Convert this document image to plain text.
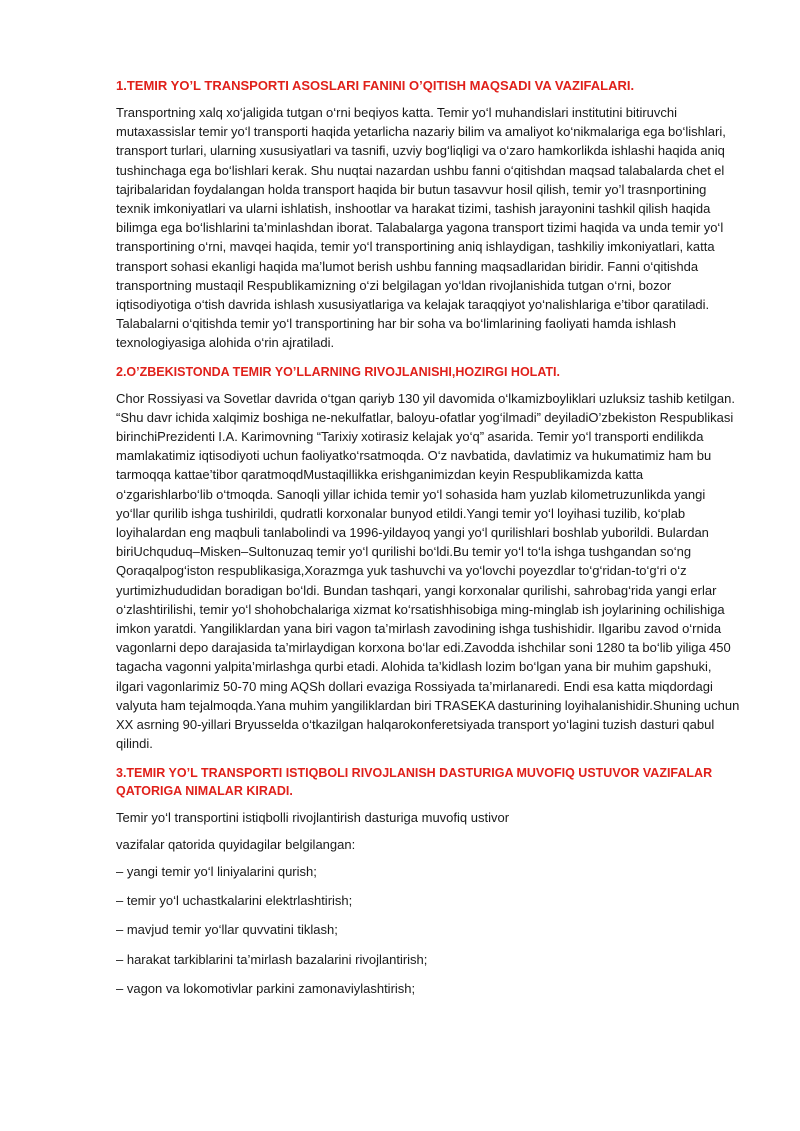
1.TEMIR YO’L TRANSPORTI ASOSLARI FANINI O’QITISH MAQSADI VA VAZIFALARI.

Transportning xalq xo‘jaligida tutgan o‘rni beqiyos katta. Temir yo‘l muhandislari institutini bitiruvchi mutaxassislar temir yo‘l transporti haqida yetarlicha nazariy bilim va amaliyot ko‘nikmalariga ega bo‘lishlari, transport turlari, ularning xususiyatlari va tasnifi, uzviy bog‘liqligi va o‘zaro hamkorlikda ishlashi haqida aniq tushinchaga ega bo‘lishlari kerak. Shu nuqtai nazardan ushbu fanni o‘qitishdan maqsad talabalarda chet el tajribalaridan foydalangan holda transport haqida bir butun tasavvur hosil qilish, temir yo’l trasnportining texnik imkoniyatlari va ularni ishlatish, inshootlar va harakat tizimi, tashish jarayonini tashkil qilish haqida bilimga ega bo‘lishlarini ta’minlashdan iborat. Talabalarga yagona transport tizimi haqida va unda temir yo‘l transportining o‘rni, mavqei haqida, temir yo‘l transportining aniq ishlaydigan, tashkiliy imkoniyatlari, katta transport sohasi ekanligi haqida ma’lumot berish ushbu fanning maqsadlaridan biridir. Fanni o‘qitishda transportning mustaqil Respublikamizning o‘zi belgilagan yo‘ldan rivojlanishida tutgan o‘rni, bozor iqtisodiyotiga o‘tish davrida ishlash xususiyatlariga va kelajak taraqqiyot yo‘nalishlariga e’tibor qaratiladi. Talabalarni o‘qitishda temir yo‘l transportining har bir soha va bo‘limlarining faoliyati hamda ishlash texnologiyasiga alohida o‘rin ajratiladi.

2.O’ZBEKISTONDA TEMIR YO’LLARNING RIVOJLANISHI,HOZIRGI HOLATI.

Chor Rossiyasi va Sovetlar davrida o‘tgan qariyb 130 yil davomida o‘lkamizboyliklari uzluksiz tashib ketilgan. “Shu davr ichida xalqimiz boshiga ne-nekulfatlar, baloyu-ofatlar yog‘ilmadi” deyiladiO’zbekiston Respublikasi birinchiPrezidenti I.A. Karimovning “Tarixiy xotirasiz kelajak yo‘q” asarida. Temir yo‘l transporti endilikda mamlakatimiz iqtisodiyoti uchun faoliyatko‘rsatmoqda. O‘z navbatida, davlatimiz va hukumatimiz ham bu tarmoqqa kattae’tibor qaratmoqdMustaqillikka erishganimizdan keyin Respublikamizda katta o‘zgarishlarbo‘lib o‘tmoqda. Sanoqli yillar ichida temir yo‘l sohasida ham yuzlab kilometruzunlikda yangi yo‘llar qurilib ishga tushirildi, qudratli korxonalar bunyod etildi.Yangi temir yo‘l loyihasi tuzilib, ko‘plab loyihalardan eng maqbuli tanlabolindi va 1996-yildayoq yangi yo‘l qurilishlari boshlab yuborildi. Bulardan biriUchquduq–Misken–Sultonuzaq temir yo‘l qurilishi bo‘ldi.Bu temir yo‘l to‘la ishga tushgandan so‘ng Qoraqalpog‘iston respublikasiga,Xorazmga yuk tashuvchi va yo‘lovchi poyezdlar to‘g‘ridan-to‘g‘ri o‘z yurtimizhududidan boradigan bo‘ldi. Bundan tashqari, yangi korxonalar qurilishi, sahrobag‘rida yangi erlar o‘zlashtirilishi, temir yo‘l shohobchalariga xizmat ko‘rsatishhisobiga ming-minglab ish joylarining ochilishiga imkon yaratdi. Yangiliklardan yana biri vagon ta’mirlash zavodining ishga tushishidir. Ilgaribu zavod o‘rnida vagonlarni depo darajasida ta’mirlaydigan korxona bo‘lar edi.Zavodda ishchilar soni 1280 ta bo‘lib yiliga 450 tagacha vagonni yalpita’mirlashga qurbi etadi. Alohida ta’kidlash lozim bo‘lgan yana bir muhim gapshuki, ilgari vagonlarimiz 50-70 ming AQSh dollari evaziga Rossiyada ta’mirlanaredi. Endi esa katta miqdordagi valyuta ham tejalmoqda.Yana muhim yangiliklardan biri TRASEKA dasturining loyihalanishidir.Shuning uchun XX asrning 90-yillari Bryusselda o‘tkazilgan halqarokonferetsiyada transport yo‘lagini tuzish dasturi qabul qilindi.

3.TEMIR YO’L TRANSPORTI ISTIQBOLI RIVOJLANISH DASTURIGA MUVOFIQ USTUVOR VAZIFALAR QATORIGA NIMALAR KIRADI.

Temir yo‘l transportini istiqbolli rivojlantirish dasturiga muvofiq ustivor

vazifalar qatorida quyidagilar belgilangan:

– yangi temir yo‘l liniyalarini qurish;
– temir yo‘l uchastkalarini elektrlashtirish;
– mavjud temir yo‘llar quvvatini tiklash;
– harakat tarkiblarini ta’mirlash bazalarini rivojlantirish;
– vagon va lokomotivlar parkini zamonaviylashtirish;
